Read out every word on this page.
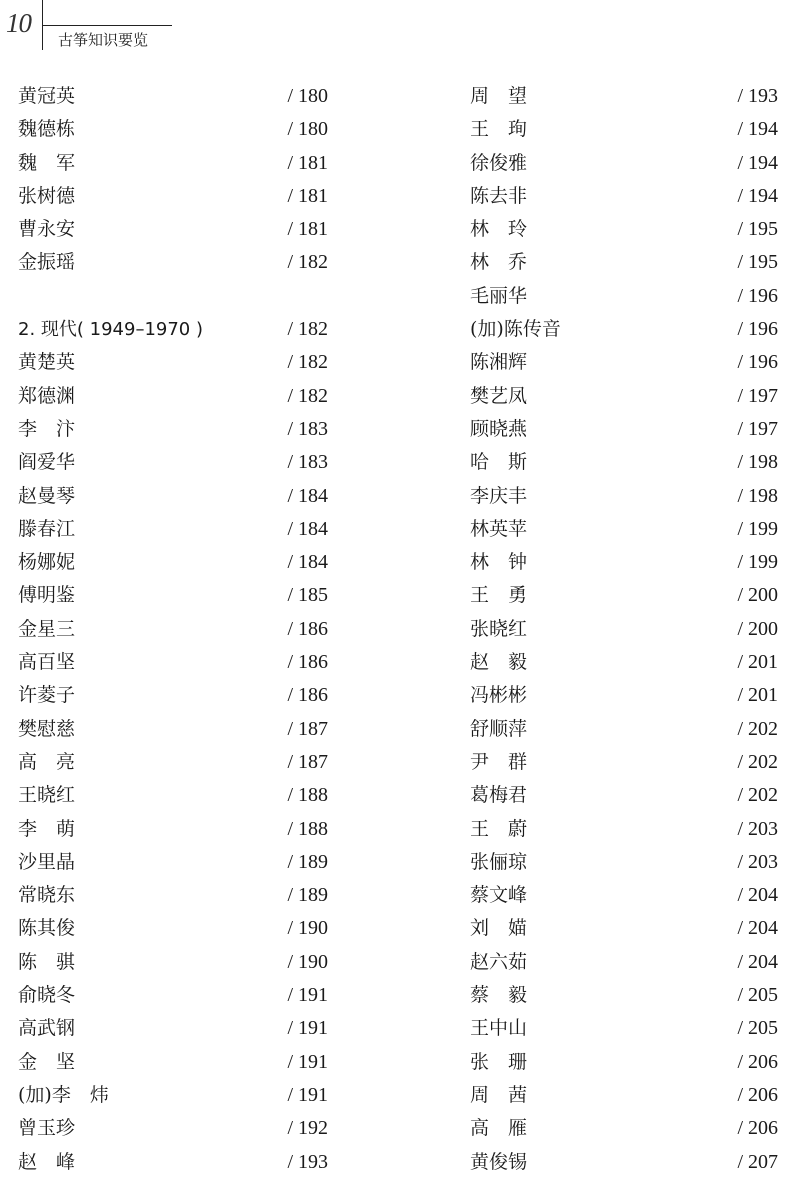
10
古筝知识要览
黄冠英	/ 180
魏德栋	/ 180
魏　军	/ 181
张树德	/ 181
曹永安	/ 181
金振瑶	/ 182
2. 现代( 1949–1970 )	/ 182
黄楚英	/ 182
郑德渊	/ 182
李　汴	/ 183
阎爱华	/ 183
赵曼琴	/ 184
滕春江	/ 184
杨娜妮	/ 184
傅明鉴	/ 185
金星三	/ 186
高百坚	/ 186
许菱子	/ 186
樊慰慈	/ 187
高　亮	/ 187
王晓红	/ 188
李　萌	/ 188
沙里晶	/ 189
常晓东	/ 189
陈其俊	/ 190
陈　骐	/ 190
俞晓冬	/ 191
高武钢	/ 191
金　坚	/ 191
(加)李　炜	/ 191
曾玉珍	/ 192
赵　峰	/ 193
周　望	/ 193
王　珣	/ 194
徐俊雅	/ 194
陈去非	/ 194
林　玲	/ 195
林　乔	/ 195
毛丽华	/ 196
(加)陈传音	/ 196
陈湘辉	/ 196
樊艺凤	/ 197
顾晓燕	/ 197
哈　斯	/ 198
李庆丰	/ 198
林英苹	/ 199
林　钟	/ 199
王　勇	/ 200
张晓红	/ 200
赵　毅	/ 201
冯彬彬	/ 201
舒顺萍	/ 202
尹　群	/ 202
葛梅君	/ 202
王　蔚	/ 203
张俪琼	/ 203
蔡文峰	/ 204
刘　媌	/ 204
赵六茹	/ 204
蔡　毅	/ 205
王中山	/ 205
张　珊	/ 206
周　茜	/ 206
高　雁	/ 206
黄俊锡	/ 207
